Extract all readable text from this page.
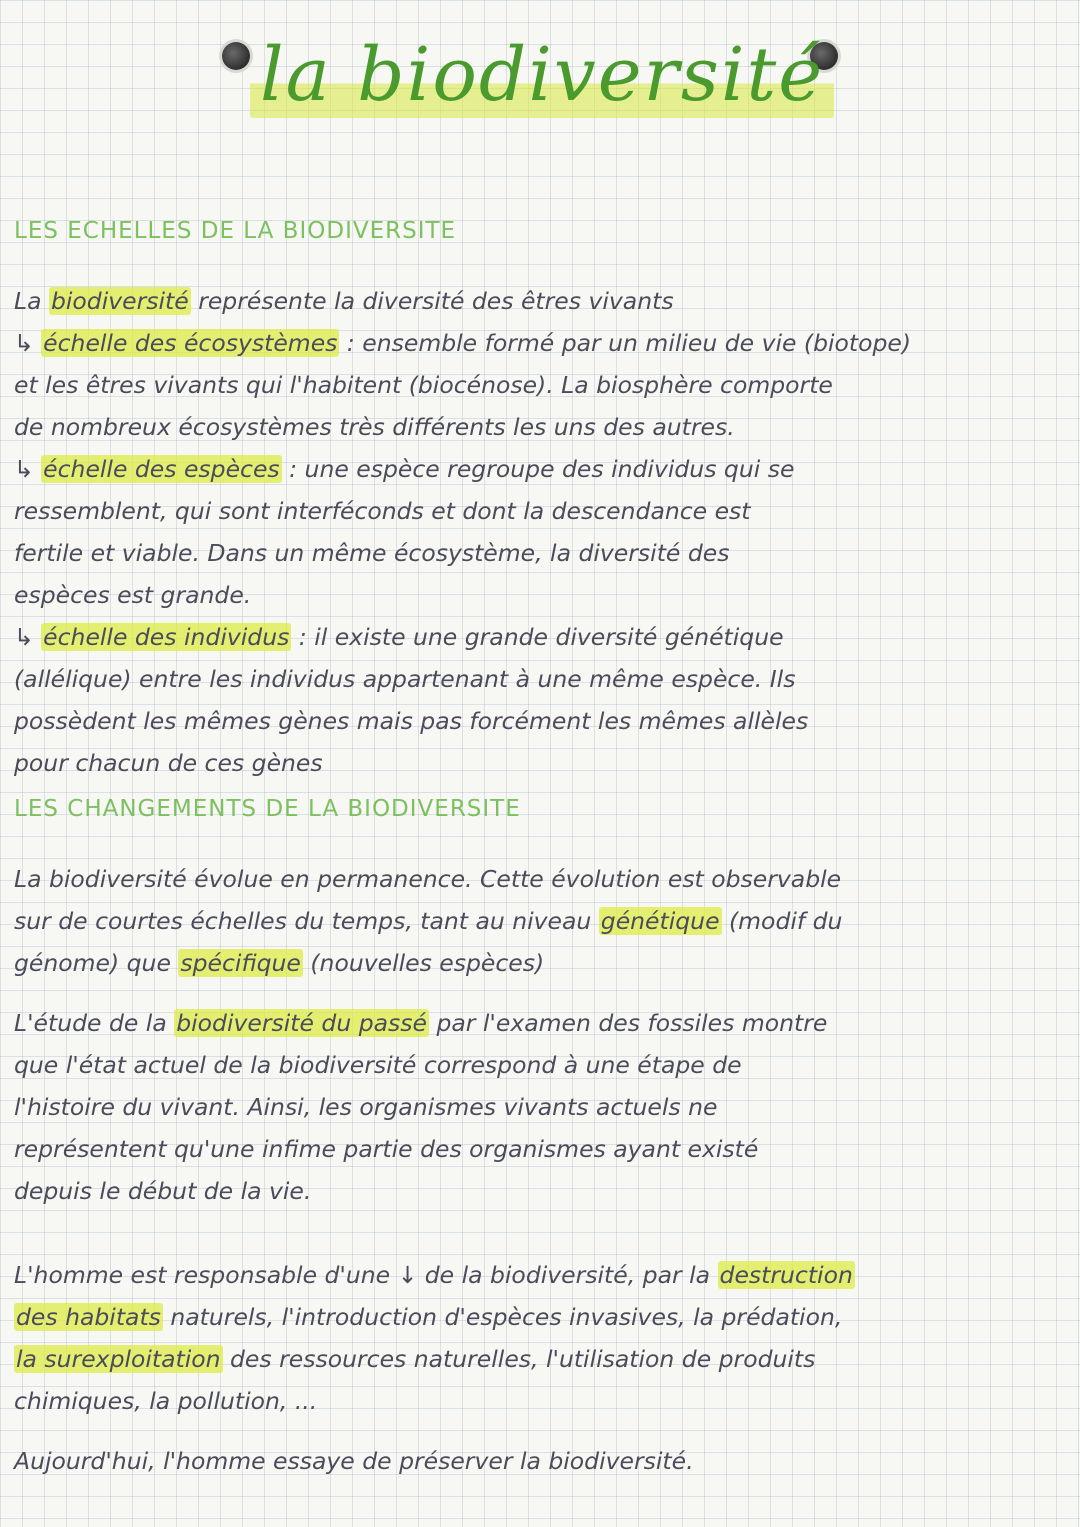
la biodiversité
LES ECHELLES DE LA BIODIVERSITE
La biodiversité représente la diversité des êtres vivants
↳ échelle des écosystèmes : ensemble formé par un milieu de vie (biotope)
et les êtres vivants qui l'habitent (biocénose). La biosphère comporte
de nombreux écosystèmes très différents les uns des autres.
↳ échelle des espèces : une espèce regroupe des individus qui se
ressemblent, qui sont interféconds et dont la descendance est
fertile et viable. Dans un même écosystème, la diversité des
espèces est grande.
↳ échelle des individus : il existe une grande diversité génétique
(allélique) entre les individus appartenant à une même espèce. Ils
possèdent les mêmes gènes mais pas forcément les mêmes allèles
pour chacun de ces gènes
LES CHANGEMENTS DE LA BIODIVERSITE
La biodiversité évolue en permanence. Cette évolution est observable
sur de courtes échelles du temps, tant au niveau génétique (modif du
génome) que spécifique (nouvelles espèces)
L'étude de la biodiversité du passé par l'examen des fossiles montre
que l'état actuel de la biodiversité correspond à une étape de
l'histoire du vivant. Ainsi, les organismes vivants actuels ne
représentent qu'une infime partie des organismes ayant existé
depuis le début de la vie.
L'homme est responsable d'une ↓ de la biodiversité, par la destruction
des habitats naturels, l'introduction d'espèces invasives, la prédation,
la surexploitation des ressources naturelles, l'utilisation de produits
chimiques, la pollution, ...
Aujourd'hui, l'homme essaye de préserver la biodiversité.
